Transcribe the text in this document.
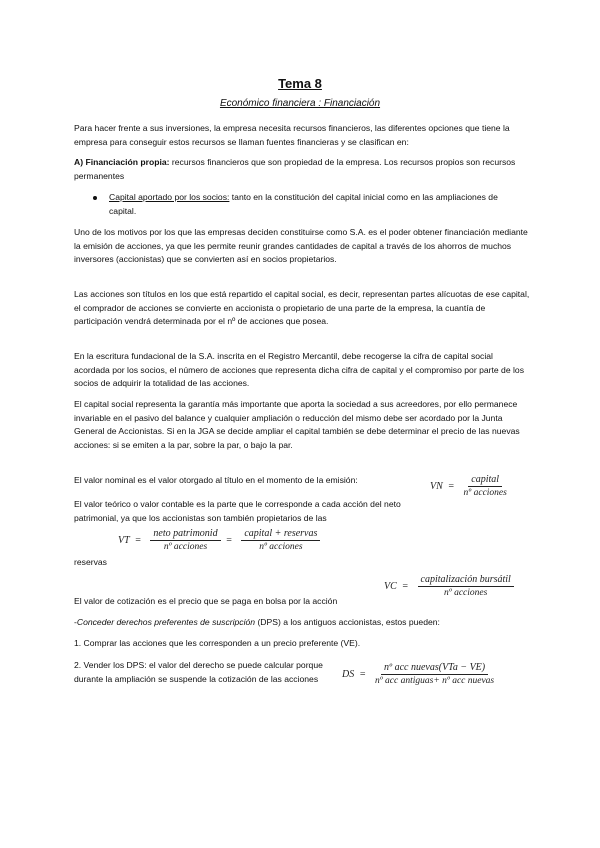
Tema 8
Económico financiera : Financiación

Para hacer frente a sus inversiones, la empresa necesita recursos financieros, las diferentes opciones que tiene la empresa para conseguir estos recursos se llaman fuentes financieras y se clasifican en:

A) Financiación propia: recursos financieros que son propiedad de la empresa. Los recursos propios son recursos permanentes

Capital aportado por los socios: tanto en la constitución del capital inicial como en las ampliaciones de capital.

Uno de los motivos por los que las empresas deciden constituirse como S.A. es el poder obtener financiación mediante la emisión de acciones, ya que les permite reunir grandes cantidades de capital a través de los ahorros de muchos inversores (accionistas) que se convierten así en socios propietarios.

Las acciones son títulos en los que está repartido el capital social, es decir, representan partes alícuotas de ese capital, el comprador de acciones se convierte en accionista o propietario de una parte de la empresa, la cuantía de participación vendrá determinada por el nº de acciones que posea.

En la escritura fundacional de la S.A. inscrita en el Registro Mercantil, debe recogerse la cifra de capital social acordada por los socios, el número de acciones que representa dicha cifra de capital y el compromiso por parte de los socios de adquirir la totalidad de las acciones.

El capital social representa la garantía más importante que aporta la sociedad a sus acreedores, por ello permanece invariable en el pasivo del balance y cualquier ampliación o reducción del mismo debe ser acordado por la Junta General de Accionistas. Si en la JGA se decide ampliar el capital también se debe determinar el precio de las nuevas acciones: si se emiten a la par, sobre la par, o bajo la par.

El valor nominal es el valor otorgado al título en el momento de la emisión:

VN = $\frac{\text{capital}}{\text{nº acciones}}$

El valor teórico o valor contable es la parte que le corresponde a cada acción del neto patrimonial, ya que los accionistas son también propietarios de las

VT = $\frac{\text{neto patrimonid}}{\text{nº acciones}} = \frac{\text{capital + reservas}}{\text{nº acciones}}$

reservas

VC = $\frac{\text{capitalización bursátil}}{\text{nº acciones}}$

El valor de cotización es el precio que se paga en bolsa por la acción

-Conceder derechos preferentes de suscripción (DPS) a los antiguos accionistas, estos pueden:

1. Comprar las acciones que les corresponden a un precio preferente (VE).

2. Vender los DPS: el valor del derecho se puede calcular porque durante la ampliación se suspende la cotización de las acciones	DS = $\frac{\text{nº acc nuevas(VTa − VE)}}{\text{nº acc antiguas+ nº acc nuevas}}$
